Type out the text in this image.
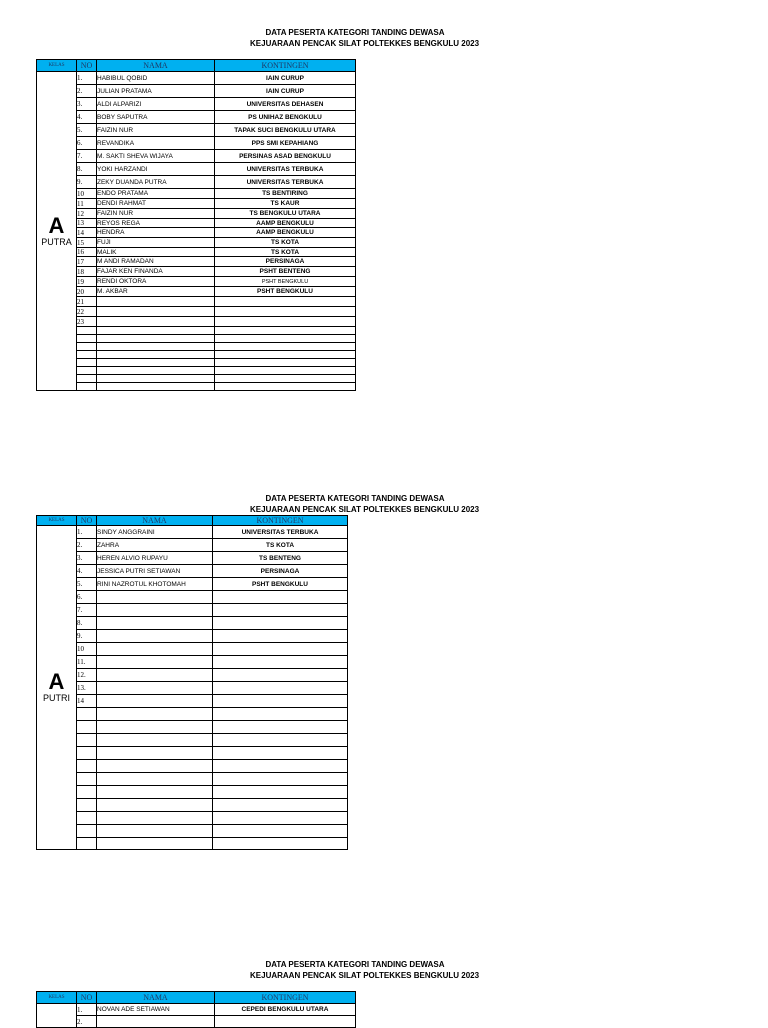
DATA PESERTA KATEGORI TANDING DEWASA
KEJUARAAN PENCAK SILAT POLTEKKES BENGKULU 2023
KELAS	NO	NAMA	KONTINGEN

A
PUTRA	1.	HABIBUL QOBID	IAIN CURUP
	2.	JULIAN PRATAMA	IAIN CURUP
	3.	ALDI ALPARIZI	UNIVERSITAS DEHASEN
	4.	BOBY SAPUTRA	PS UNIHAZ BENGKULU
	5.	FAIZIN NUR	TAPAK SUCI BENGKULU UTARA
	6.	REVANDIKA	PPS SMI KEPAHIANG
	7.	M. SAKTI SHEVA WIJAYA	PERSINAS ASAD BENGKULU
	8.	YOKI HARZANDI	UNIVERSITAS TERBUKA
	9.	ZEKY DUANDA PUTRA	UNIVERSITAS TERBUKA
	10	ENDO PRATAMA	TS BENTIRING
	11	DENDI RAHMAT	TS KAUR
	12	FAIZIN NUR	TS BENGKULU UTARA
	13	REYOS REGA	AAMP BENGKULU
	14	HENDRA	AAMP BENGKULU
	15	FUJI	TS KOTA
	16	MALIK	TS KOTA
	17	M ANDI RAMADAN	PERSINAGA
	18	FAJAR KEN FINANDA	PSHT BENTENG
	19	RENDI OKTORA	PSHT BENGKULU
	20	M. AKBAR	PSHT BENGKULU
	21		
	22		
	23		

DATA PESERTA KATEGORI TANDING DEWASA
KEJUARAAN PENCAK SILAT POLTEKKES BENGKULU 2023
KELAS	NO	NAMA	KONTINGEN

A
PUTRI	1.	SINDY ANGGRAINI	UNIVERSITAS TERBUKA
	2.	ZAHRA	TS KOTA
	3.	HEREN ALVIO RUPAYU	TS BENTENG
	4.	JESSICA PUTRI SETIAWAN	PERSINAGA
	5.	RINI NAZROTUL KHOTOMAH	PSHT BENGKULU
	6.		
	7.		
	8.		
	9.		
	10		
	11.		
	12.		
	13.		
	14		

DATA PESERTA KATEGORI TANDING DEWASA
KEJUARAAN PENCAK SILAT POLTEKKES BENGKULU 2023
KELAS	NO	NAMA	KONTINGEN

	1.	NOVAN ADE SETIAWAN	CEPEDI BENGKULU UTARA
	2.		
